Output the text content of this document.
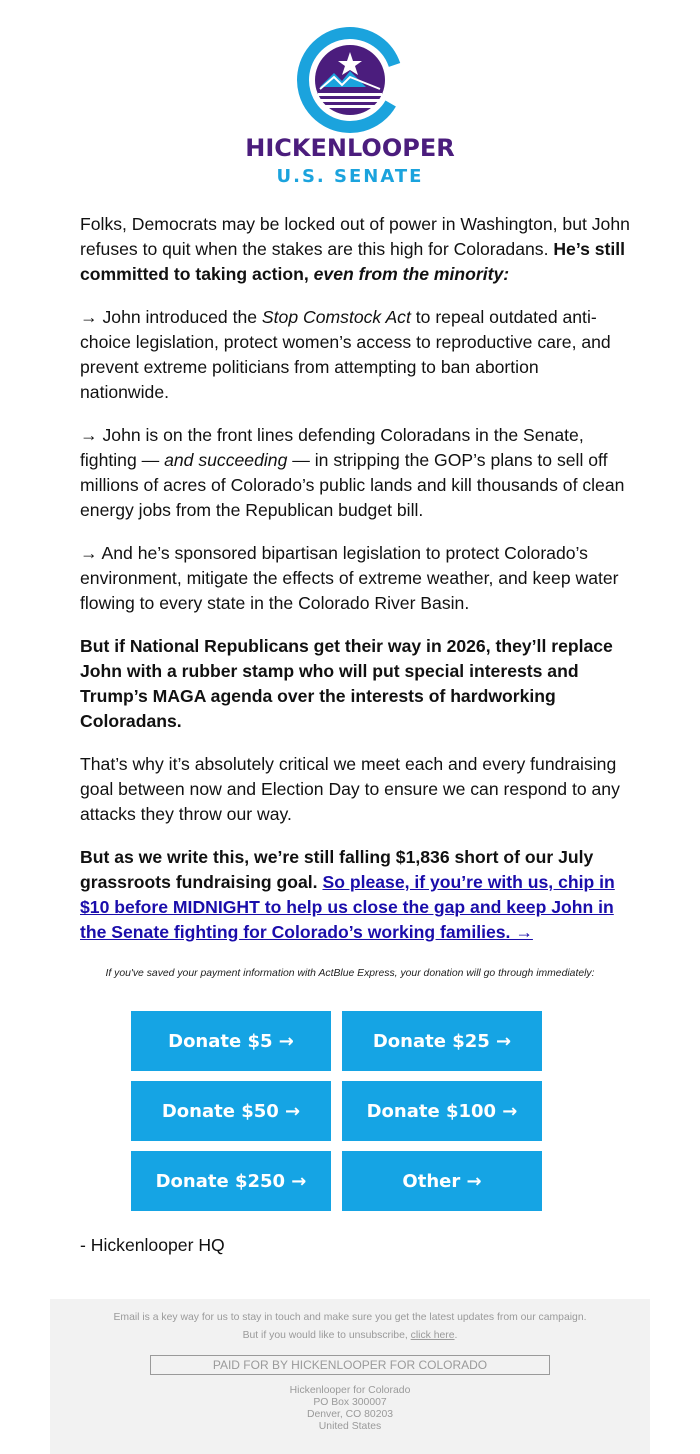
HICKENLOOPER
U.S. SENATE

Folks, Democrats may be locked out of power in Washington, but John refuses to quit when the stakes are this high for Coloradans. He’s still committed to taking action, even from the minority:

→ John introduced the Stop Comstock Act to repeal outdated anti-choice legislation, protect women’s access to reproductive care, and prevent extreme politicians from attempting to ban abortion nationwide.

→ John is on the front lines defending Coloradans in the Senate, fighting — and succeeding — in stripping the GOP’s plans to sell off millions of acres of Colorado’s public lands and kill thousands of clean energy jobs from the Republican budget bill.

→ And he’s sponsored bipartisan legislation to protect Colorado’s environment, mitigate the effects of extreme weather, and keep water flowing to every state in the Colorado River Basin.

But if National Republicans get their way in 2026, they’ll replace John with a rubber stamp who will put special interests and Trump’s MAGA agenda over the interests of hardworking Coloradans.

That’s why it’s absolutely critical we meet each and every fundraising goal between now and Election Day to ensure we can respond to any attacks they throw our way.

But as we write this, we’re still falling $1,836 short of our July grassroots fundraising goal. So please, if you’re with us, chip in $10 before MIDNIGHT to help us close the gap and keep John in the Senate fighting for Colorado’s working families. →

If you've saved your payment information with ActBlue Express, your donation will go through immediately:
Donate $5 →	Donate $25 →
Donate $50 →	Donate $100 →
Donate $250 →	Other →
- Hickenlooper HQ
Email is a key way for us to stay in touch and make sure you get the latest updates from our campaign.
But if you would like to unsubscribe, click here.
PAID FOR BY HICKENLOOPER FOR COLORADO
Hickenlooper for Colorado
PO Box 300007
Denver, CO 80203
United States
